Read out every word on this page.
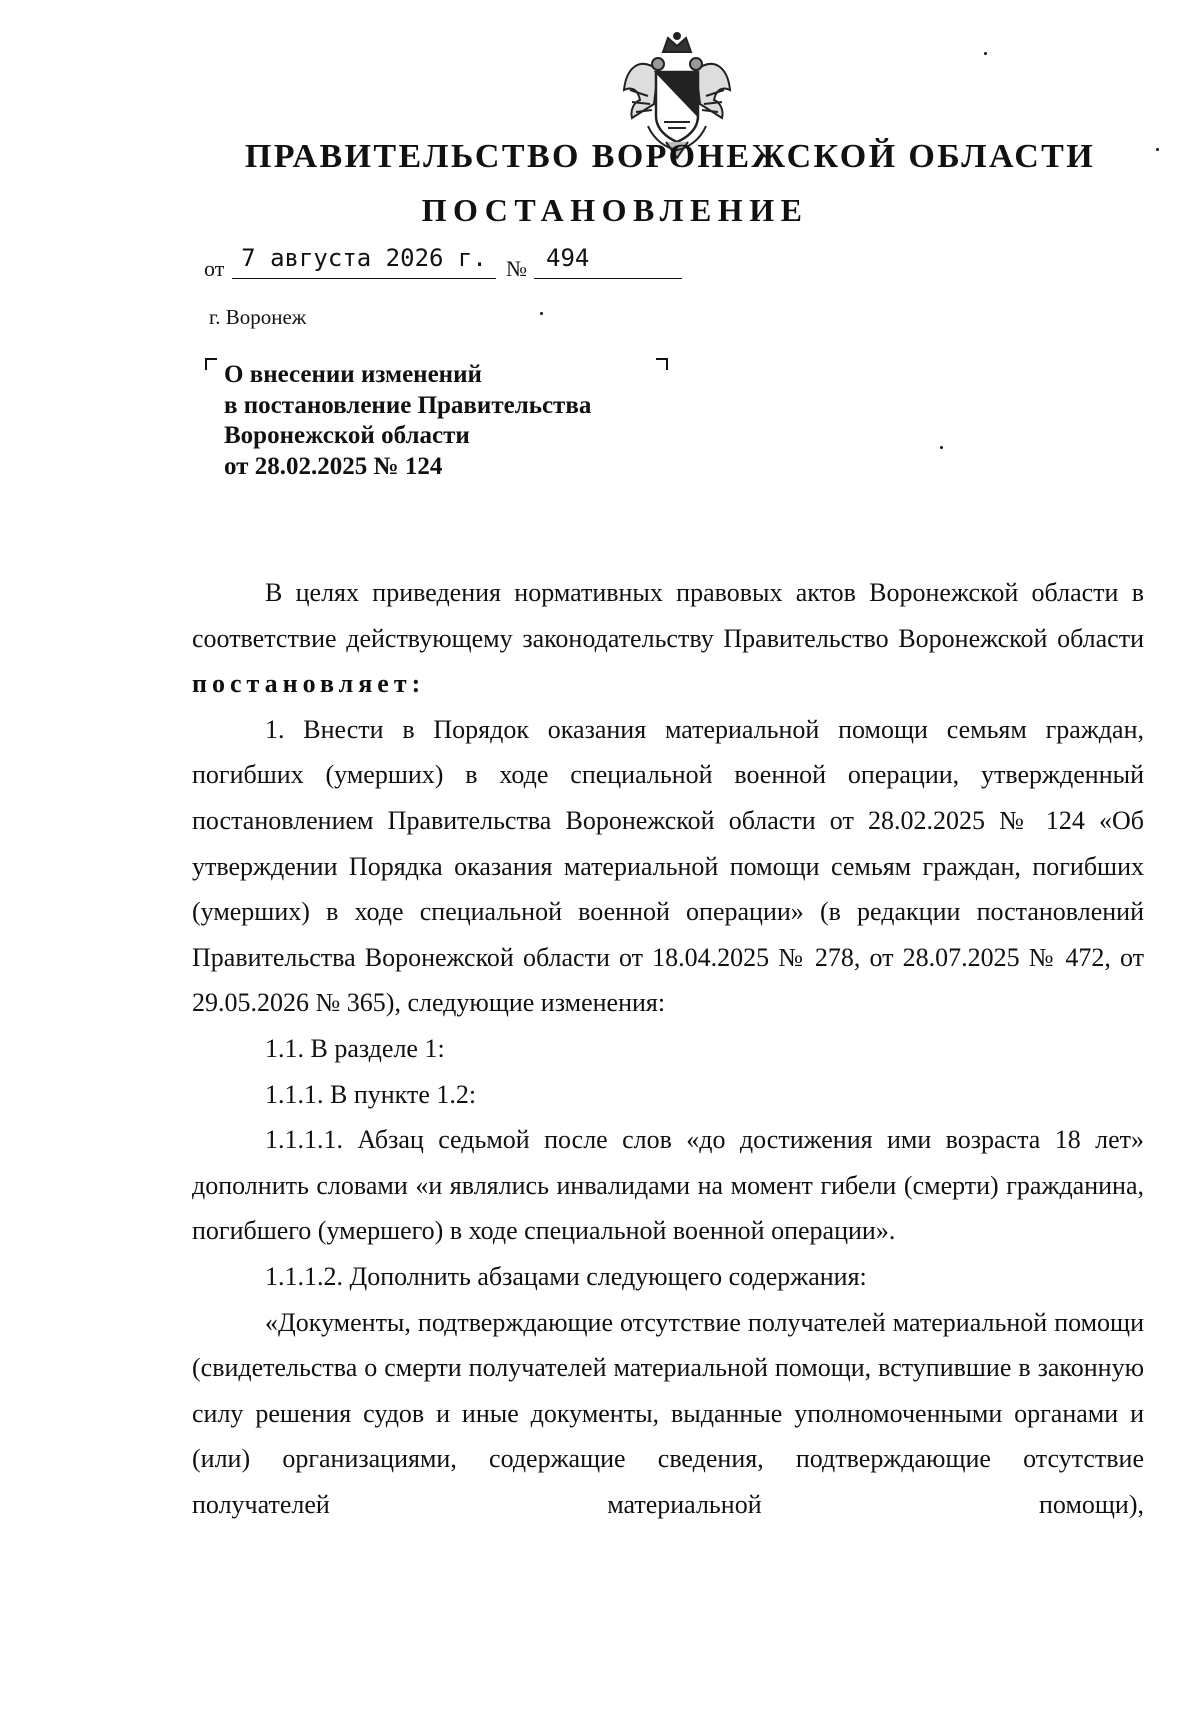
ПРАВИТЕЛЬСТВО ВОРОНЕЖСКОЙ ОБЛАСТИ
ПОСТАНОВЛЕНИЕ
от 7 августа 2026 г. № 494
г. Воронеж

О внесении изменений
в постановление Правительства
Воронежской области
от 28.02.2025 № 124

В целях приведения нормативных правовых актов Воронежской области в соответствие действующему законодательству Правительство Воронежской области постановляет:

1. Внести в Порядок оказания материальной помощи семьям граждан, погибших (умерших) в ходе специальной военной операции, утвержденный постановлением Правительства Воронежской области от 28.02.2025 № 124 «Об утверждении Порядка оказания материальной помощи семьям граждан, погибших (умерших) в ходе специальной военной операции» (в редакции постановлений Правительства Воронежской области от 18.04.2025 № 278, от 28.07.2025 № 472, от 29.05.2026 № 365), следующие изменения:

1.1. В разделе 1:

1.1.1. В пункте 1.2:

1.1.1.1. Абзац седьмой после слов «до достижения ими возраста 18 лет» дополнить словами «и являлись инвалидами на момент гибели (смерти) гражданина, погибшего (умершего) в ходе специальной военной операции».

1.1.1.2. Дополнить абзацами следующего содержания:

«Документы, подтверждающие отсутствие получателей материальной помощи (свидетельства о смерти получателей материальной помощи, вступившие в законную силу решения судов и иные документы, выданные уполномоченными органами и (или) организациями, содержащие сведения, подтверждающие отсутствие получателей материальной помощи),
